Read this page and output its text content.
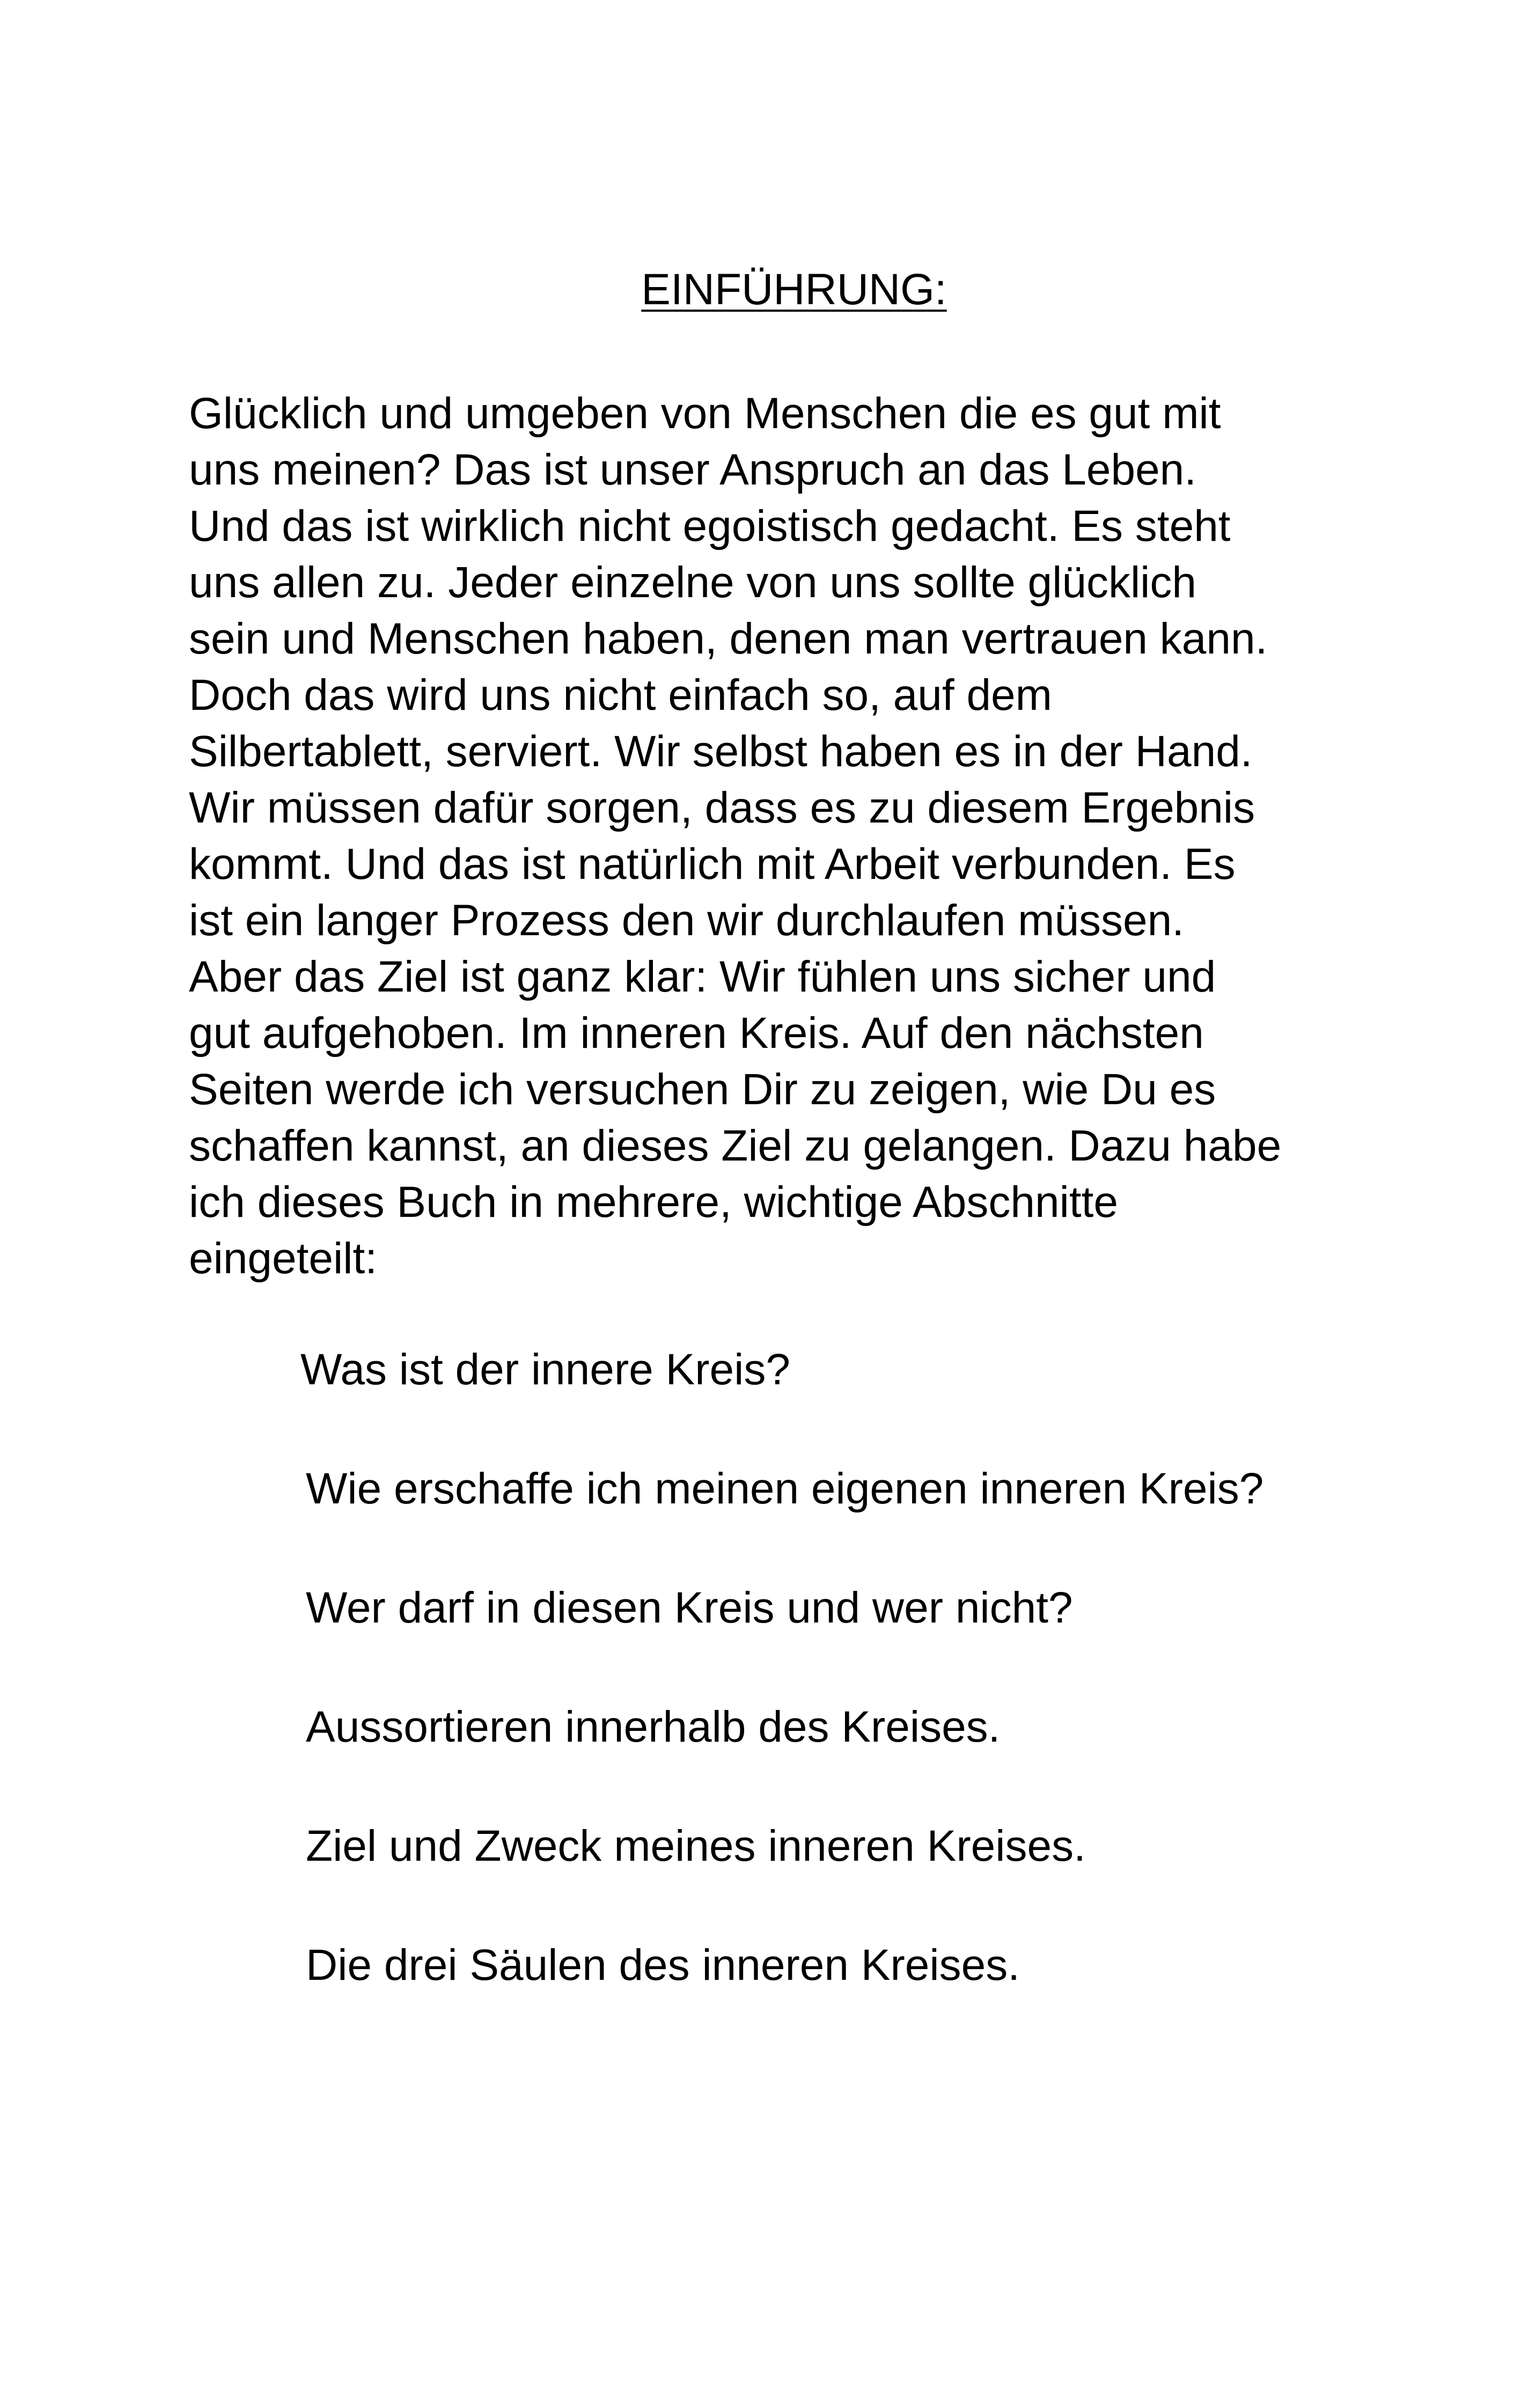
EINFÜHRUNG:

Glücklich und umgeben von Menschen die es gut mit
uns meinen? Das ist unser Anspruch an das Leben.
Und das ist wirklich nicht egoistisch gedacht. Es steht
uns allen zu. Jeder einzelne von uns sollte glücklich
sein und Menschen haben, denen man vertrauen kann.
Doch das wird uns nicht einfach so, auf dem
Silbertablett, serviert. Wir selbst haben es in der Hand.
Wir müssen dafür sorgen, dass es zu diesem Ergebnis
kommt. Und das ist natürlich mit Arbeit verbunden. Es
ist ein langer Prozess den wir durchlaufen müssen.
Aber das Ziel ist ganz klar: Wir fühlen uns sicher und
gut aufgehoben. Im inneren Kreis. Auf den nächsten
Seiten werde ich versuchen Dir zu zeigen, wie Du es
schaffen kannst, an dieses Ziel zu gelangen. Dazu habe
ich dieses Buch in mehrere, wichtige Abschnitte
eingeteilt:

Was ist der innere Kreis?
Wie erschaffe ich meinen eigenen inneren Kreis?
Wer darf in diesen Kreis und wer nicht?
Aussortieren innerhalb des Kreises.
Ziel und Zweck meines inneren Kreises.
Die drei Säulen des inneren Kreises.
